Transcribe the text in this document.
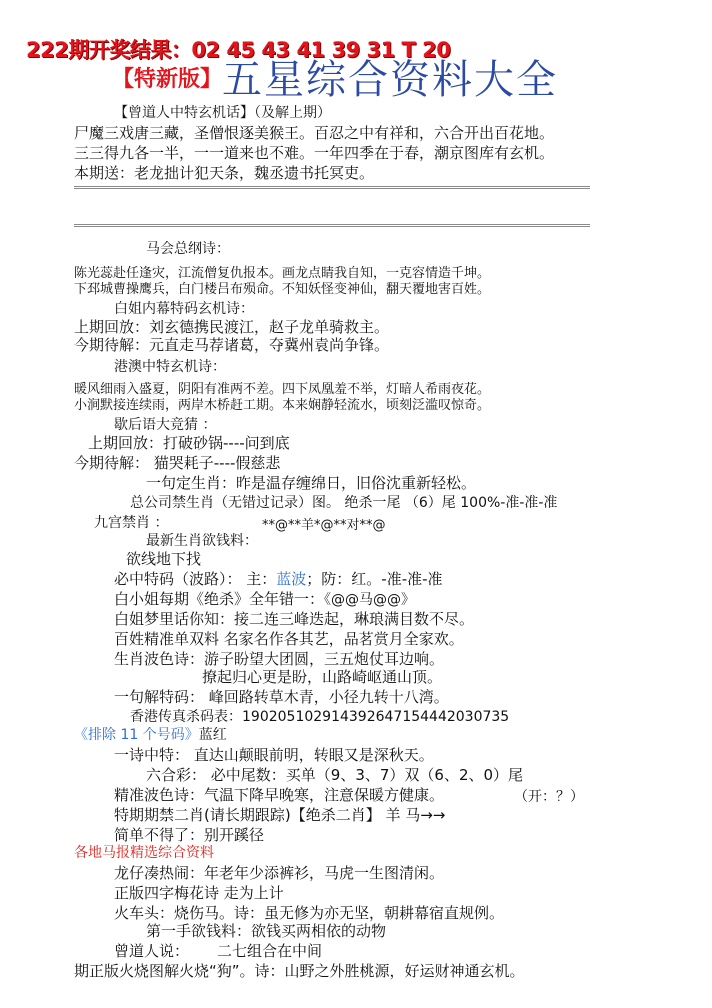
222期开奖结果：02 45 43 41 39 31 T 20
【特新版】 五星综合资料大全
【曾道人中特玄机话】（及解上期）
尸魔三戏唐三藏，圣僧恨逐美猴王。百忍之中有祥和，六合开出百花地。
三三得九各一半，一一道来也不难。一年四季在于春，潮京图库有玄机。
本期送：老龙拙计犯天条，魏丞遗书托冥吏。
马会总纲诗：
陈光蕊赴任逢灾，江流僧复仇报本。画龙点睛我自知，一克容情造千坤。
下邳城曹操鹰兵，白门楼吕布殒命。不知妖怪变神仙，翻天覆地害百姓。
白姐内幕特码玄机诗：
上期回放：刘玄德携民渡江，赵子龙单骑救主。
今期待解：元直走马荐诸葛，夺冀州袁尚争锋。
港澳中特玄机诗：
暖风细雨入盛夏，阴阳有准两不差。四下凤凰羞不举，灯暗人希雨夜花。
小涧默接连续雨，两岸木桥赶工期。本来娴静轻流水，顷刻泛滥叹惊奇。
歇后语大竞猜 ：
上期回放：打破砂锅----问到底
今期待解： 猫哭耗子----假慈悲
一句定生肖：昨是温存缠绵日，旧俗沈重新轻松。
总公司禁生肖（无错过记录）图。 绝杀一尾 （6）尾 100%-准-准-准
九宫禁肖 ：	**@**羊*@**对**@
最新生肖欲钱料：
欲线地下找
必中特码（波路）： 主：蓝波；防：红。-准-准-准
白小姐每期《绝杀》全年错一：《@@马@@》
白姐梦里话你知：接二连三峰迭起，琳琅满目数不尽。
百姓精准单双料 名家名作各其艺，品茗赏月全家欢。
生肖波色诗：游子盼望大团圆，三五炮仗耳边响。
撩起归心更是盼，山路崎岖通山顶。
一句解特码： 峰回路转草木青，小径九转十八湾。
香港传真杀码表：190205102914392647154442030735
《排除 11 个号码》蓝红
一诗中特： 直达山颠眼前明，转眼又是深秋天。
六合彩： 必中尾数：买单（9、3、7）双（6、2、0）尾
精准波色诗：气温下降早晚寒，注意保暖方健康。	（开：？）
特期期禁二肖(请长期跟踪)【绝杀二肖】 羊 马→→
简单不得了：别开蹊径
各地马报精选综合资料
龙仔凑热闹：年老年少添裤衫，马虎一生图清闲。
正版四字梅花诗 走为上计
火车头：烧伤马。诗：虽无修为亦无坚，朝耕幕宿直规例。
第一手欲钱料：欲钱买两相依的动物
曾道人说： 二七组合在中间
期正版火烧图解火烧“狗”。诗：山野之外胜桃源，好运财神通玄机。
